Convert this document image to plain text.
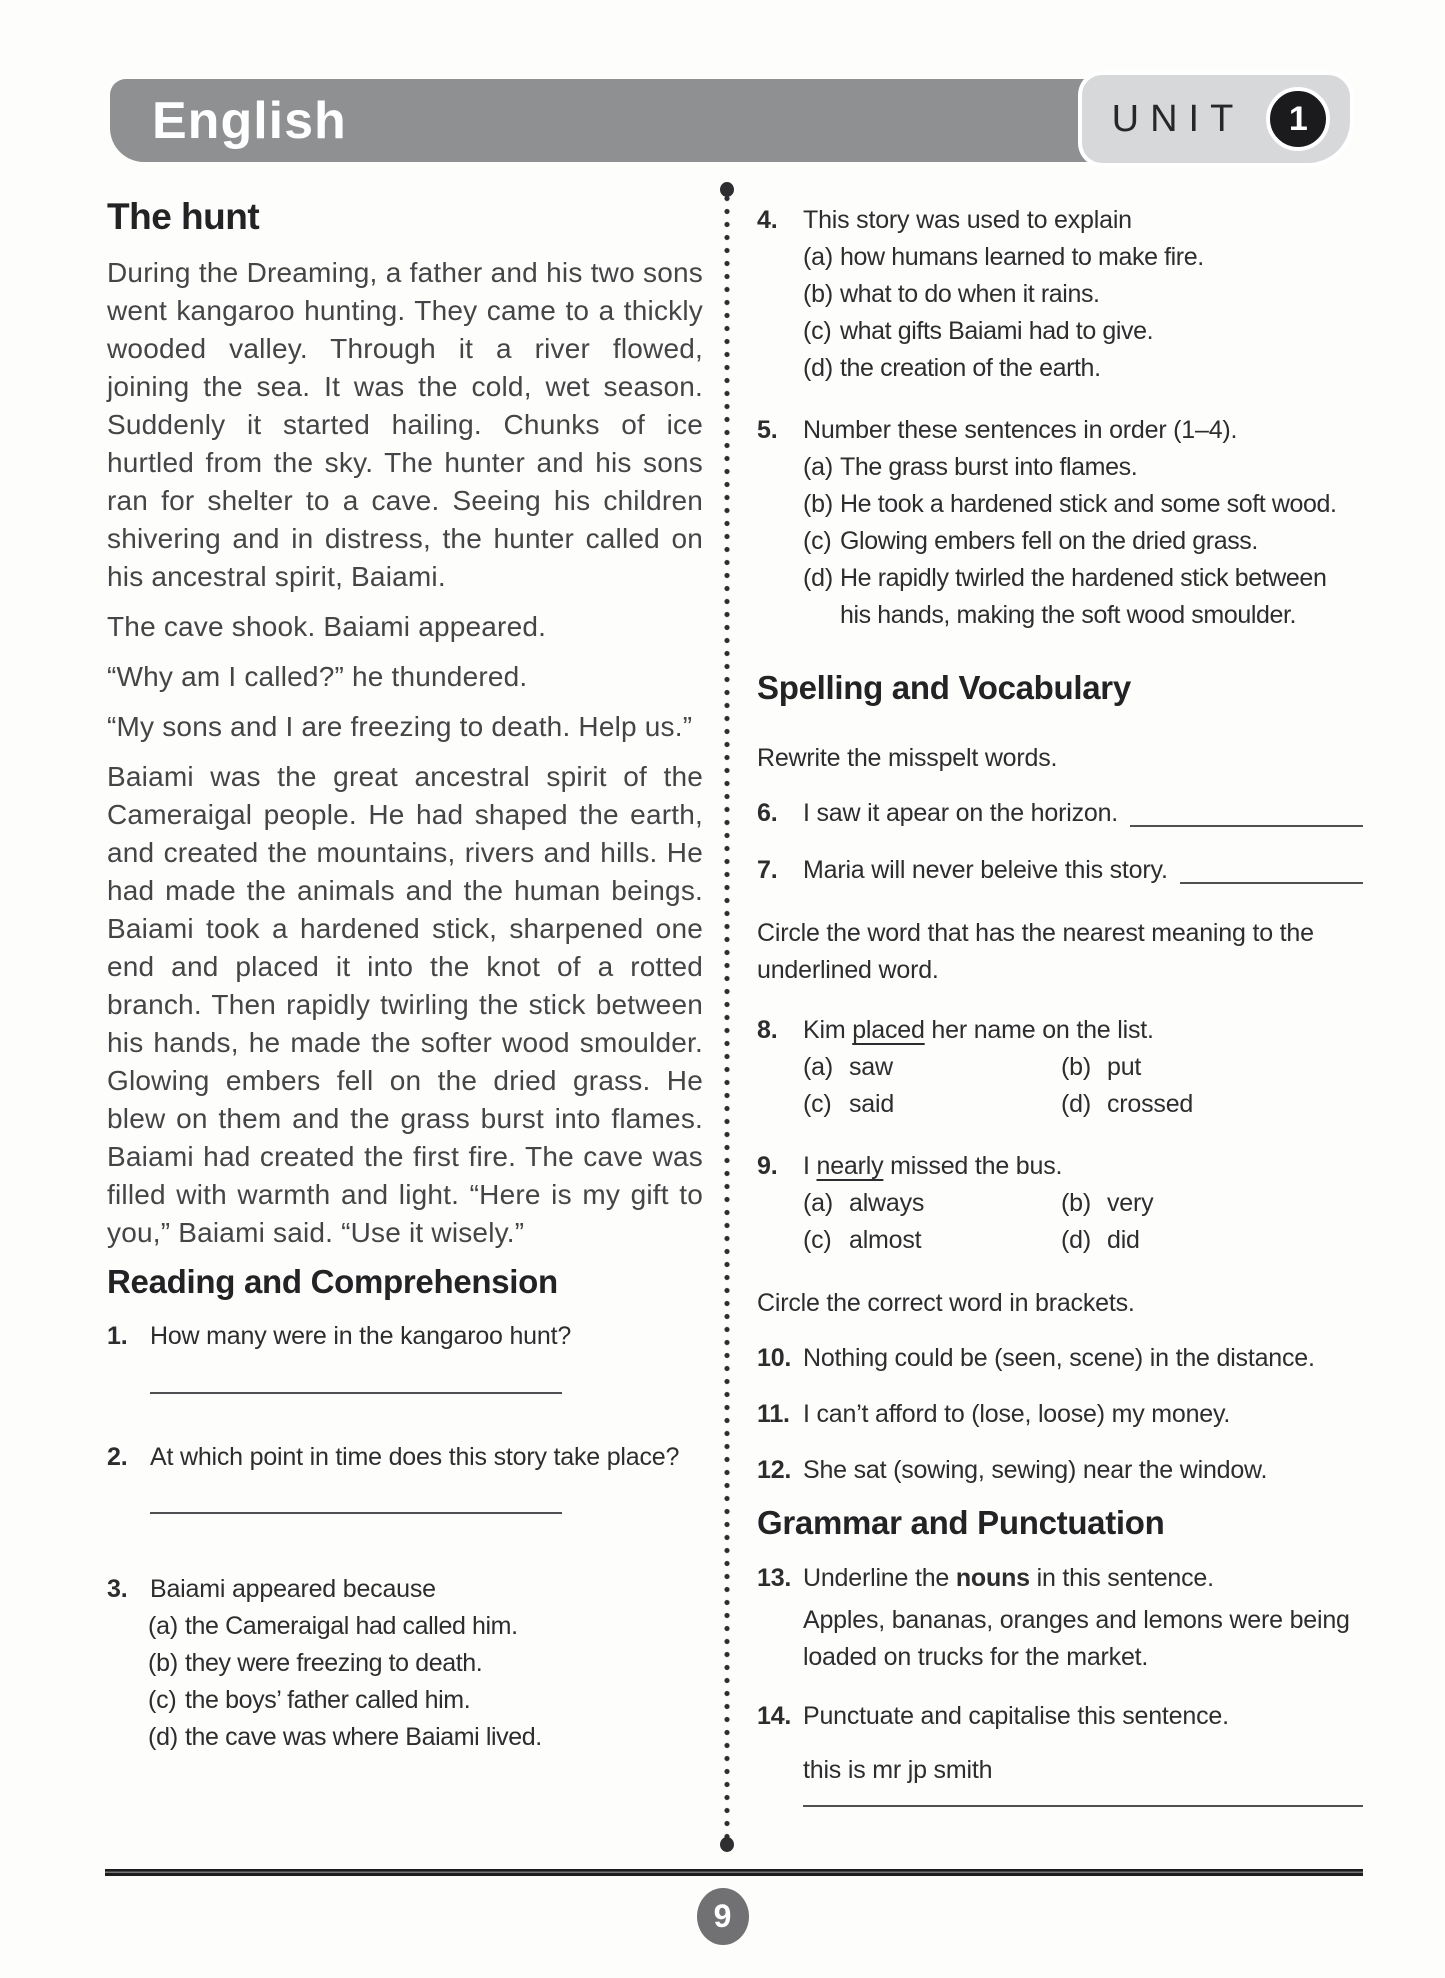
English	UNIT 1
The hunt

During the Dreaming, a father and his two sons went kangaroo hunting. They came to a thickly wooded valley. Through it a river flowed, joining the sea. It was the cold, wet season. Suddenly it started hailing. Chunks of ice hurtled from the sky. The hunter and his sons ran for shelter to a cave. Seeing his children shivering and in distress, the hunter called on his ancestral spirit, Baiami.

The cave shook. Baiami appeared.

“Why am I called?” he thundered.

“My sons and I are freezing to death. Help us.”

Baiami was the great ancestral spirit of the Cameraigal people. He had shaped the earth, and created the mountains, rivers and hills. He had made the animals and the human beings. Baiami took a hardened stick, sharpened one end and placed it into the knot of a rotted branch. Then rapidly twirling the stick between his hands, he made the softer wood smoulder. Glowing embers fell on the dried grass. He blew on them and the grass burst into flames. Baiami had created the first fire. The cave was filled with warmth and light. “Here is my gift to you,” Baiami said. “Use it wisely.”

Reading and Comprehension
1. How many were in the kangaroo hunt?
2. At which point in time does this story take place?
3. Baiami appeared because
(a) the Cameraigal had called him.
(b) they were freezing to death.
(c) the boys’ father called him.
(d) the cave was where Baiami lived.
4.	This story was used to explain
(a) how humans learned to make fire.
(b) what to do when it rains.
(c) what gifts Baiami had to give.
(d) the creation of the earth.
5.	Number these sentences in order (1–4).
(a) The grass burst into flames.
(b) He took a hardened stick and some soft wood.
(c) Glowing embers fell on the dried grass.
(d) He rapidly twirled the hardened stick between his hands, making the soft wood smoulder.
Spelling and Vocabulary

Rewrite the misspelt words.

6.	I saw it apear on the horizon.
7.	Maria will never beleive this story.

Circle the word that has the nearest meaning to the underlined word.

8.	Kim placed her name on the list.
(a) saw	(b) put
(c) said	(d) crossed
9.	I nearly missed the bus.
(a) always	(b) very
(c) almost	(d) did

Circle the correct word in brackets.

10. Nothing could be (seen, scene) in the distance.
11. I can’t afford to (lose, loose) my money.
12. She sat (sowing, sewing) near the window.
Grammar and Punctuation
13. Underline the nouns in this sentence.

Apples, bananas, oranges and lemons were being loaded on trucks for the market.

14. Punctuate and capitalise this sentence.

this is mr jp smith

9
